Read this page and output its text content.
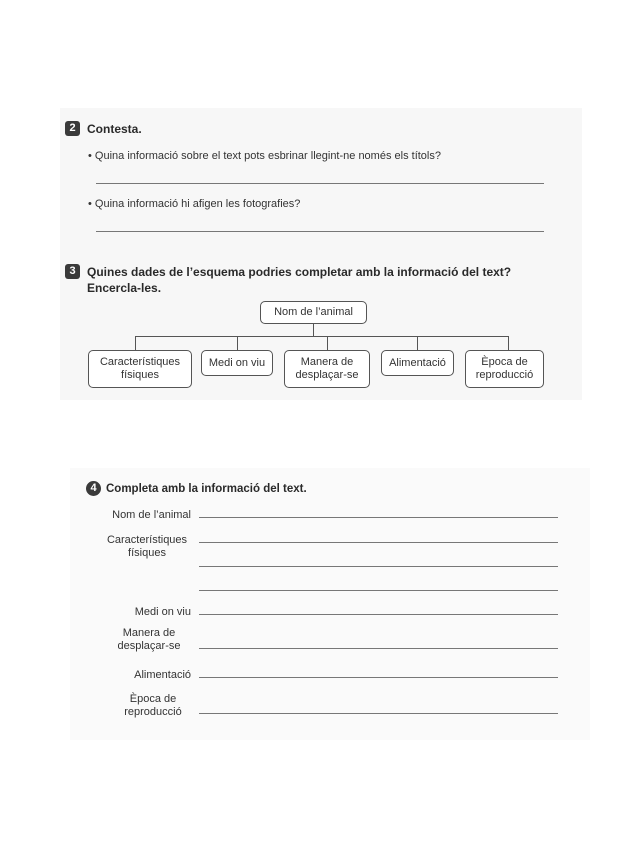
2 Contesta.
• Quina informació sobre el text pots esbrinar llegint-ne només els títols?
• Quina informació hi afigen les fotografies?
3 Quines dades de l’esquema podries completar amb la informació del text?
Encercla-les.
Nom de l’animal
Característiques
físiques
Medi on viu	Manera de
desplaçar-se
Alimentació	Època de
reproducció
4 Completa amb la informació del text.
Nom de l’animal
Característiques
físiques
Medi on viu
Manera de
desplaçar-se
Alimentació
Època de
reproducció
